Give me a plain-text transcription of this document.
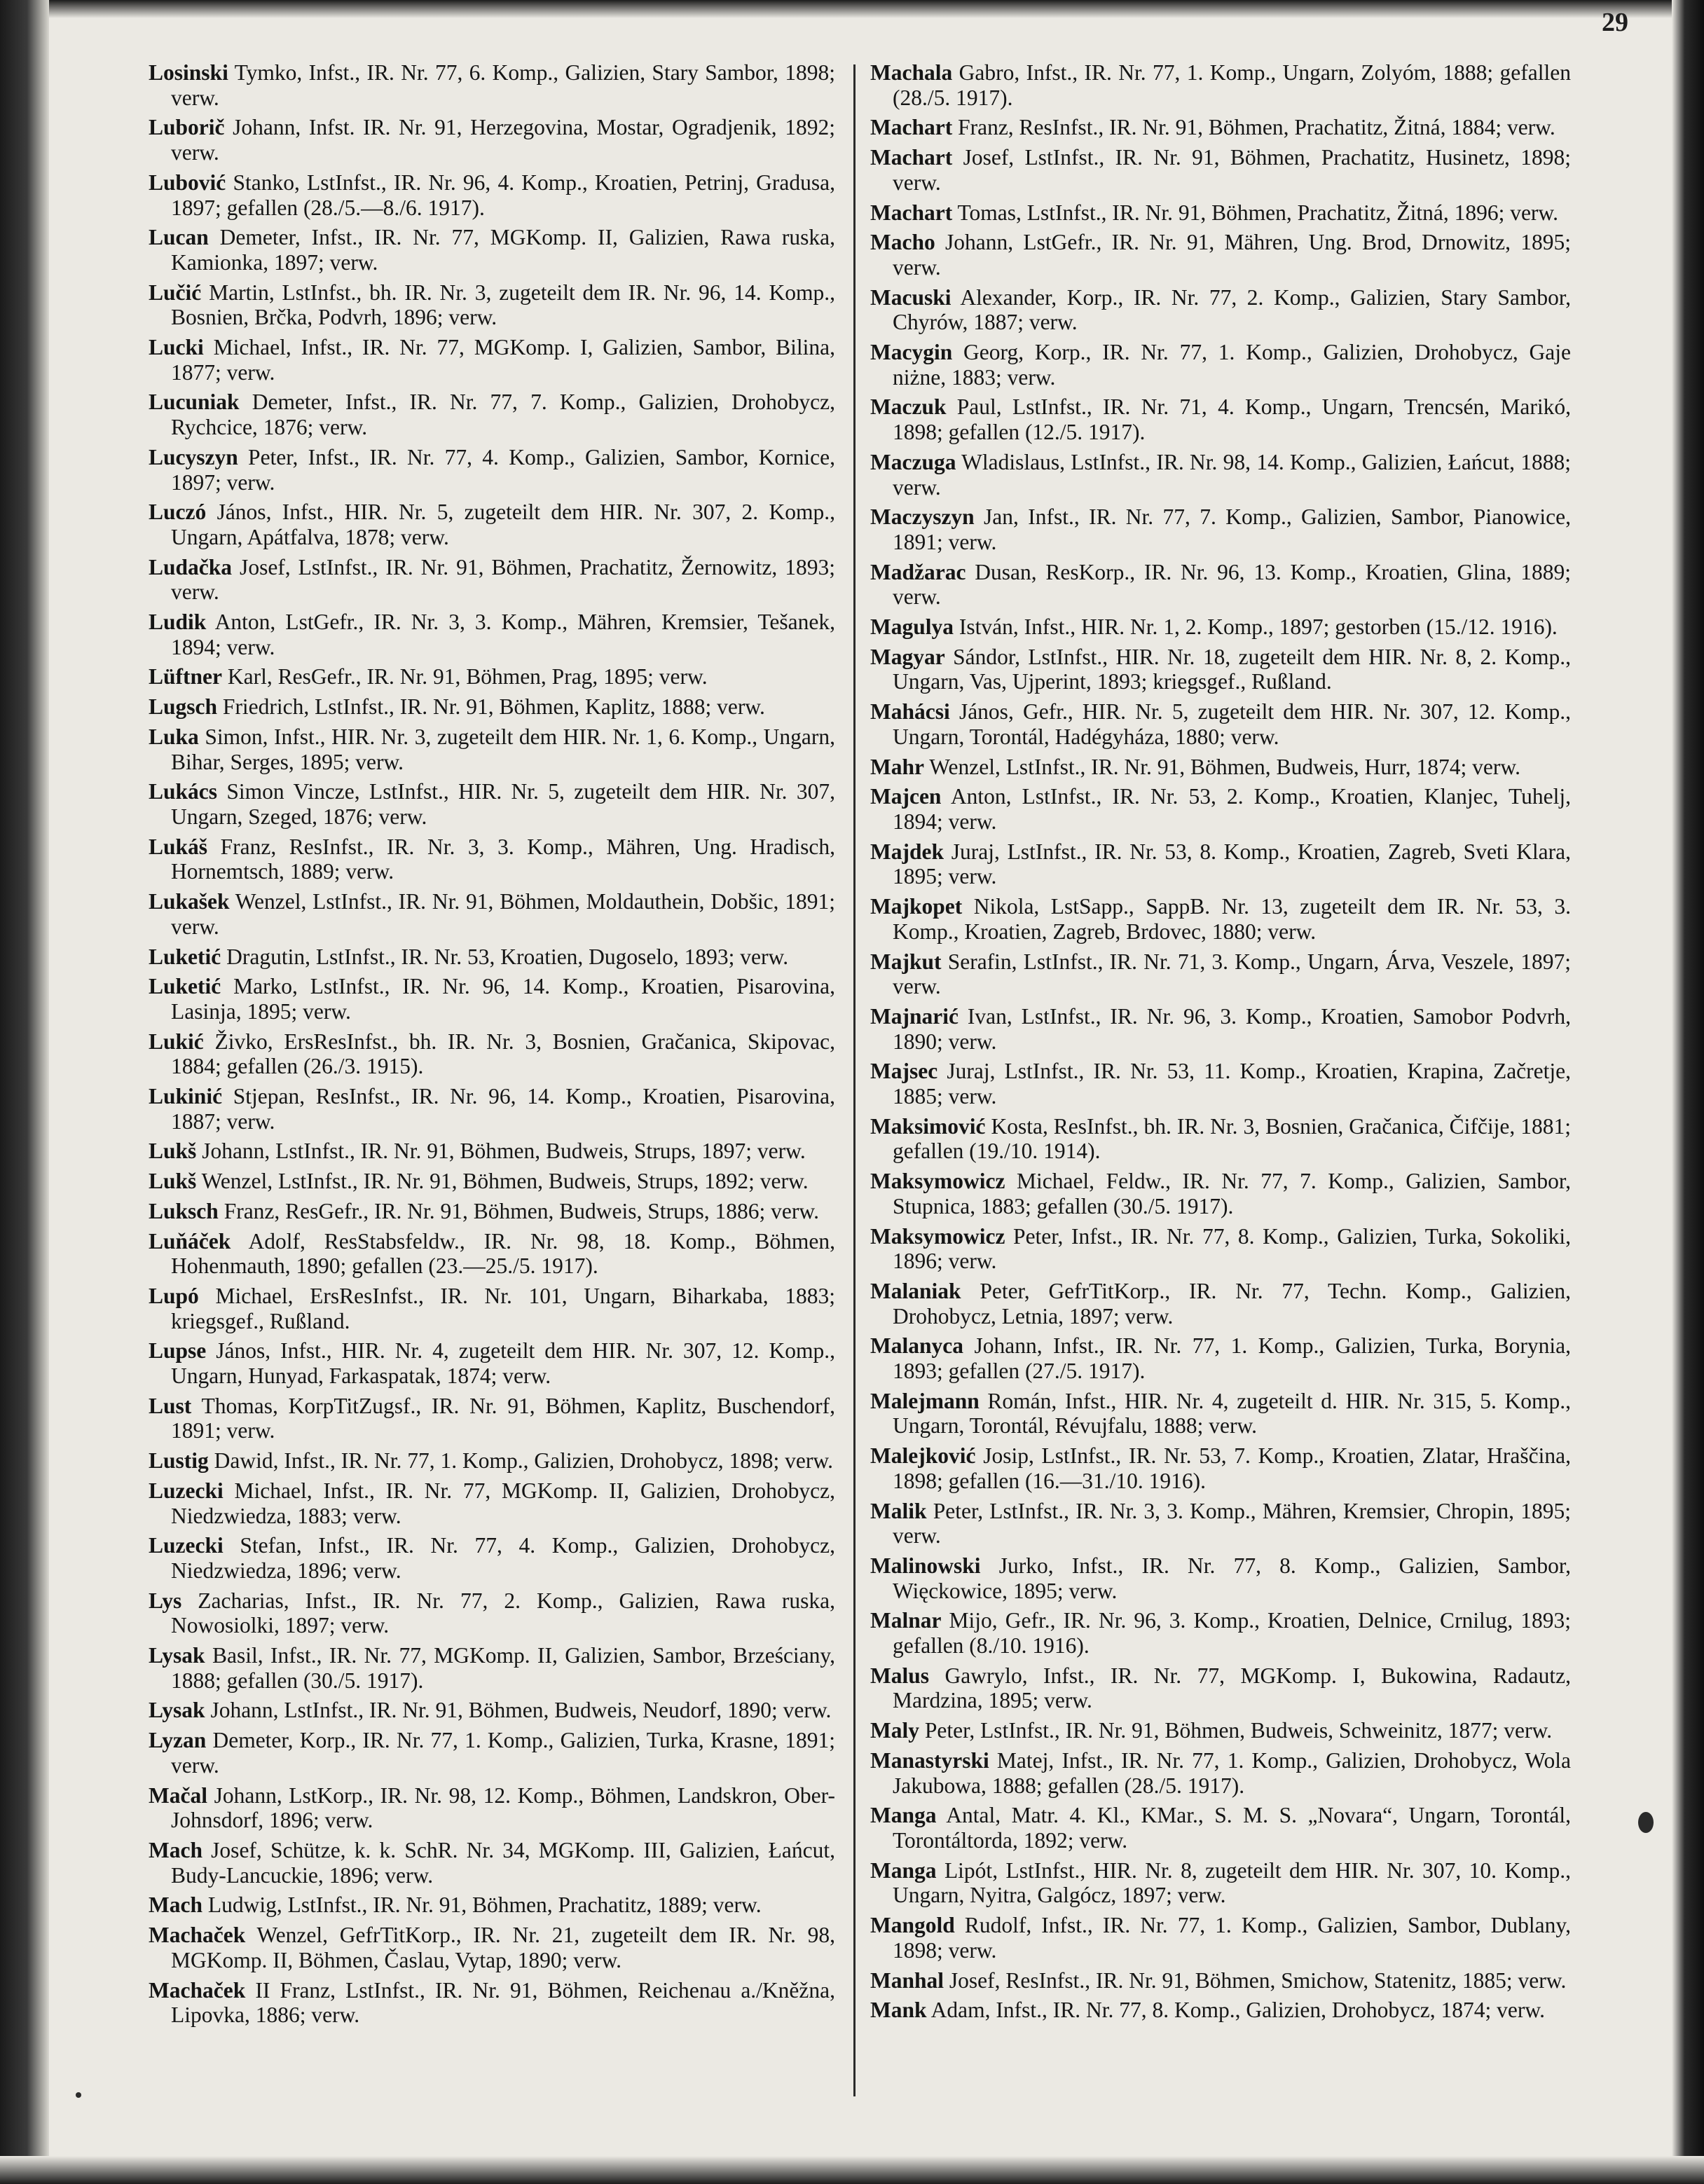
29

Losinski Tymko, Infst., IR. Nr. 77, 6. Komp., Galizien, Stary Sambor, 1898; verw.

Luborič Johann, Infst. IR. Nr. 91, Herzegovina, Mostar, Ogradjenik, 1892; verw.

Lubović Stanko, LstInfst., IR. Nr. 96, 4. Komp., Kroatien, Petrinj, Gradusa, 1897; gefallen (28./5.—8./6. 1917).

Lucan Demeter, Infst., IR. Nr. 77, MGKomp. II, Galizien, Rawa ruska, Kamionka, 1897; verw.

Lučić Martin, LstInfst., bh. IR. Nr. 3, zugeteilt dem IR. Nr. 96, 14. Komp., Bosnien, Brčka, Podvrh, 1896; verw.

Lucki Michael, Infst., IR. Nr. 77, MGKomp. I, Galizien, Sambor, Bilina, 1877; verw.

Lucuniak Demeter, Infst., IR. Nr. 77, 7. Komp., Galizien, Drohobycz, Rychcice, 1876; verw.

Lucyszyn Peter, Infst., IR. Nr. 77, 4. Komp., Galizien, Sambor, Kornice, 1897; verw.

Luczó János, Infst., HIR. Nr. 5, zugeteilt dem HIR. Nr. 307, 2. Komp., Ungarn, Apátfalva, 1878; verw.

Ludačka Josef, LstInfst., IR. Nr. 91, Böhmen, Prachatitz, Žernowitz, 1893; verw.

Ludik Anton, LstGefr., IR. Nr. 3, 3. Komp., Mähren, Kremsier, Tešanek, 1894; verw.

Lüftner Karl, ResGefr., IR. Nr. 91, Böhmen, Prag, 1895; verw.

Lugsch Friedrich, LstInfst., IR. Nr. 91, Böhmen, Kaplitz, 1888; verw.

Luka Simon, Infst., HIR. Nr. 3, zugeteilt dem HIR. Nr. 1, 6. Komp., Ungarn, Bihar, Serges, 1895; verw.

Lukács Simon Vincze, LstInfst., HIR. Nr. 5, zugeteilt dem HIR. Nr. 307, Ungarn, Szeged, 1876; verw.

Lukáš Franz, ResInfst., IR. Nr. 3, 3. Komp., Mähren, Ung. Hradisch, Hornemtsch, 1889; verw.

Lukašek Wenzel, LstInfst., IR. Nr. 91, Böhmen, Moldauthein, Dobšic, 1891; verw.

Luketić Dragutin, LstInfst., IR. Nr. 53, Kroatien, Dugoselo, 1893; verw.

Luketić Marko, LstInfst., IR. Nr. 96, 14. Komp., Kroatien, Pisarovina, Lasinja, 1895; verw.

Lukić Živko, ErsResInfst., bh. IR. Nr. 3, Bosnien, Gračanica, Skipovac, 1884; gefallen (26./3. 1915).

Lukinić Stjepan, ResInfst., IR. Nr. 96, 14. Komp., Kroatien, Pisarovina, 1887; verw.

Lukš Johann, LstInfst., IR. Nr. 91, Böhmen, Budweis, Strups, 1897; verw.

Lukš Wenzel, LstInfst., IR. Nr. 91, Böhmen, Budweis, Strups, 1892; verw.

Luksch Franz, ResGefr., IR. Nr. 91, Böhmen, Budweis, Strups, 1886; verw.

Luňáček Adolf, ResStabsfeldw., IR. Nr. 98, 18. Komp., Böhmen, Hohenmauth, 1890; gefallen (23.—25./5. 1917).

Lupó Michael, ErsResInfst., IR. Nr. 101, Ungarn, Biharkaba, 1883; kriegsgef., Rußland.

Lupse János, Infst., HIR. Nr. 4, zugeteilt dem HIR. Nr. 307, 12. Komp., Ungarn, Hunyad, Farkaspatak, 1874; verw.

Lust Thomas, KorpTitZugsf., IR. Nr. 91, Böhmen, Kaplitz, Buschendorf, 1891; verw.

Lustig Dawid, Infst., IR. Nr. 77, 1. Komp., Galizien, Drohobycz, 1898; verw.

Luzecki Michael, Infst., IR. Nr. 77, MGKomp. II, Galizien, Drohobycz, Niedzwiedza, 1883; verw.

Luzecki Stefan, Infst., IR. Nr. 77, 4. Komp., Galizien, Drohobycz, Niedzwiedza, 1896; verw.

Lys Zacharias, Infst., IR. Nr. 77, 2. Komp., Galizien, Rawa ruska, Nowosiolki, 1897; verw.

Lysak Basil, Infst., IR. Nr. 77, MGKomp. II, Galizien, Sambor, Brześciany, 1888; gefallen (30./5. 1917).

Lysak Johann, LstInfst., IR. Nr. 91, Böhmen, Budweis, Neudorf, 1890; verw.

Lyzan Demeter, Korp., IR. Nr. 77, 1. Komp., Galizien, Turka, Krasne, 1891; verw.

Mačal Johann, LstKorp., IR. Nr. 98, 12. Komp., Böhmen, Landskron, Ober-Johnsdorf, 1896; verw.

Mach Josef, Schütze, k. k. SchR. Nr. 34, MGKomp. III, Galizien, Łańcut, Budy-Lancuckie, 1896; verw.

Mach Ludwig, LstInfst., IR. Nr. 91, Böhmen, Prachatitz, 1889; verw.

Machaček Wenzel, GefrTitKorp., IR. Nr. 21, zugeteilt dem IR. Nr. 98, MGKomp. II, Böhmen, Časlau, Vytap, 1890; verw.

Machaček II Franz, LstInfst., IR. Nr. 91, Böhmen, Reichenau a./Kněžna, Lipovka, 1886; verw.

Machala Gabro, Infst., IR. Nr. 77, 1. Komp., Ungarn, Zolyóm, 1888; gefallen (28./5. 1917).

Machart Franz, ResInfst., IR. Nr. 91, Böhmen, Prachatitz, Žitná, 1884; verw.

Machart Josef, LstInfst., IR. Nr. 91, Böhmen, Prachatitz, Husinetz, 1898; verw.

Machart Tomas, LstInfst., IR. Nr. 91, Böhmen, Prachatitz, Žitná, 1896; verw.

Macho Johann, LstGefr., IR. Nr. 91, Mähren, Ung. Brod, Drnowitz, 1895; verw.

Macuski Alexander, Korp., IR. Nr. 77, 2. Komp., Galizien, Stary Sambor, Chyrów, 1887; verw.

Macygin Georg, Korp., IR. Nr. 77, 1. Komp., Galizien, Drohobycz, Gaje niżne, 1883; verw.

Maczuk Paul, LstInfst., IR. Nr. 71, 4. Komp., Ungarn, Trencsén, Marikó, 1898; gefallen (12./5. 1917).

Maczuga Wladislaus, LstInfst., IR. Nr. 98, 14. Komp., Galizien, Łańcut, 1888; verw.

Maczyszyn Jan, Infst., IR. Nr. 77, 7. Komp., Galizien, Sambor, Pianowice, 1891; verw.

Madžarac Dusan, ResKorp., IR. Nr. 96, 13. Komp., Kroatien, Glina, 1889; verw.

Magulya István, Infst., HIR. Nr. 1, 2. Komp., 1897; gestorben (15./12. 1916).

Magyar Sándor, LstInfst., HIR. Nr. 18, zugeteilt dem HIR. Nr. 8, 2. Komp., Ungarn, Vas, Ujperint, 1893; kriegsgef., Rußland.

Mahácsi János, Gefr., HIR. Nr. 5, zugeteilt dem HIR. Nr. 307, 12. Komp., Ungarn, Torontál, Hadégyháza, 1880; verw.

Mahr Wenzel, LstInfst., IR. Nr. 91, Böhmen, Budweis, Hurr, 1874; verw.

Majcen Anton, LstInfst., IR. Nr. 53, 2. Komp., Kroatien, Klanjec, Tuhelj, 1894; verw.

Majdek Juraj, LstInfst., IR. Nr. 53, 8. Komp., Kroatien, Zagreb, Sveti Klara, 1895; verw.

Majkopet Nikola, LstSapp., SappB. Nr. 13, zugeteilt dem IR. Nr. 53, 3. Komp., Kroatien, Zagreb, Brdovec, 1880; verw.

Majkut Serafin, LstInfst., IR. Nr. 71, 3. Komp., Ungarn, Árva, Veszele, 1897; verw.

Majnarić Ivan, LstInfst., IR. Nr. 96, 3. Komp., Kroatien, Samobor Podvrh, 1890; verw.

Majsec Juraj, LstInfst., IR. Nr. 53, 11. Komp., Kroatien, Krapina, Začretje, 1885; verw.

Maksimović Kosta, ResInfst., bh. IR. Nr. 3, Bosnien, Gračanica, Čifčije, 1881; gefallen (19./10. 1914).

Maksymowicz Michael, Feldw., IR. Nr. 77, 7. Komp., Galizien, Sambor, Stupnica, 1883; gefallen (30./5. 1917).

Maksymowicz Peter, Infst., IR. Nr. 77, 8. Komp., Galizien, Turka, Sokoliki, 1896; verw.

Malaniak Peter, GefrTitKorp., IR. Nr. 77, Techn. Komp., Galizien, Drohobycz, Letnia, 1897; verw.

Malanyca Johann, Infst., IR. Nr. 77, 1. Komp., Galizien, Turka, Borynia, 1893; gefallen (27./5. 1917).

Malejmann Román, Infst., HIR. Nr. 4, zugeteilt d. HIR. Nr. 315, 5. Komp., Ungarn, Torontál, Révujfalu, 1888; verw.

Malejković Josip, LstInfst., IR. Nr. 53, 7. Komp., Kroatien, Zlatar, Hraščina, 1898; gefallen (16.—31./10. 1916).

Malik Peter, LstInfst., IR. Nr. 3, 3. Komp., Mähren, Kremsier, Chropin, 1895; verw.

Malinowski Jurko, Infst., IR. Nr. 77, 8. Komp., Galizien, Sambor, Więckowice, 1895; verw.

Malnar Mijo, Gefr., IR. Nr. 96, 3. Komp., Kroatien, Delnice, Crnilug, 1893; gefallen (8./10. 1916).

Malus Gawrylo, Infst., IR. Nr. 77, MGKomp. I, Bukowina, Radautz, Mardzina, 1895; verw.

Maly Peter, LstInfst., IR. Nr. 91, Böhmen, Budweis, Schweinitz, 1877; verw.

Manastyrski Matej, Infst., IR. Nr. 77, 1. Komp., Galizien, Drohobycz, Wola Jakubowa, 1888; gefallen (28./5. 1917).

Manga Antal, Matr. 4. Kl., KMar., S. M. S. „Novara“, Ungarn, Torontál, Torontáltorda, 1892; verw.

Manga Lipót, LstInfst., HIR. Nr. 8, zugeteilt dem HIR. Nr. 307, 10. Komp., Ungarn, Nyitra, Galgócz, 1897; verw.

Mangold Rudolf, Infst., IR. Nr. 77, 1. Komp., Galizien, Sambor, Dublany, 1898; verw.

Manhal Josef, ResInfst., IR. Nr. 91, Böhmen, Smichow, Statenitz, 1885; verw.

Mank Adam, Infst., IR. Nr. 77, 8. Komp., Galizien, Drohobycz, 1874; verw.
